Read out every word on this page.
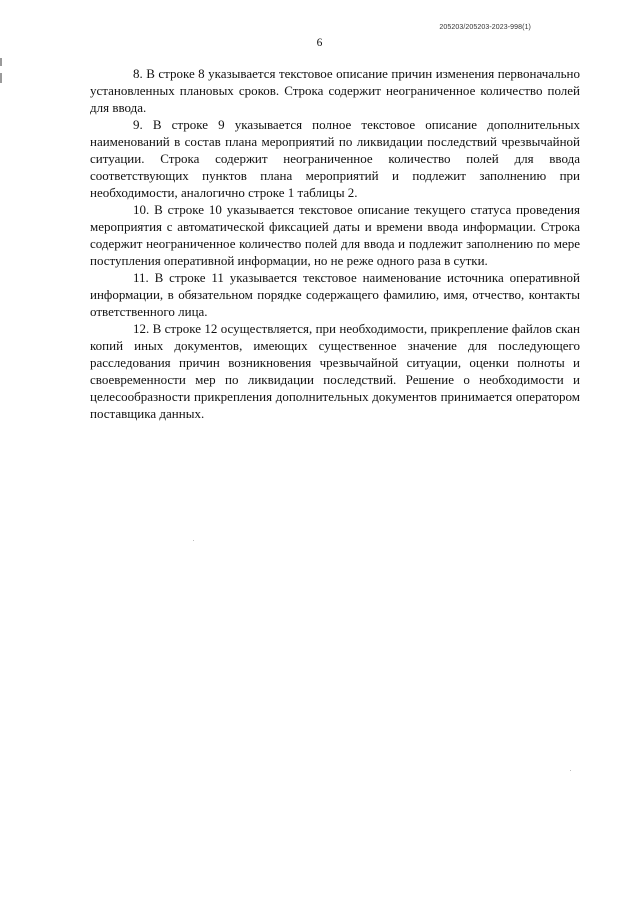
205203/205203-2023-998(1)
6

8. В строке 8 указывается текстовое описание причин изменения первоначально установленных плановых сроков. Строка содержит неограниченное количество полей для ввода.

9. В строке 9 указывается полное текстовое описание дополнительных наименований в состав плана мероприятий по ликвидации последствий чрезвычайной ситуации. Строка содержит неограниченное количество полей для ввода соответствующих пунктов плана мероприятий и подлежит заполнению при необходимости, аналогично строке 1 таблицы 2.

10. В строке 10 указывается текстовое описание текущего статуса проведения мероприятия с автоматической фиксацией даты и времени ввода информации. Строка содержит неограниченное количество полей для ввода и подлежит заполнению по мере поступления оперативной информации, но не реже одного раза в сутки.

11. В строке 11 указывается текстовое наименование источника оперативной информации, в обязательном порядке содержащего фамилию, имя, отчество, контакты ответственного лица.

12. В строке 12 осуществляется, при необходимости, прикрепление файлов скан копий иных документов, имеющих существенное значение для последующего расследования причин возникновения чрезвычайной ситуации, оценки полноты и своевременности мер по ликвидации последствий. Решение о необходимости и целесообразности прикрепления дополнительных документов принимается оператором поставщика данных.
